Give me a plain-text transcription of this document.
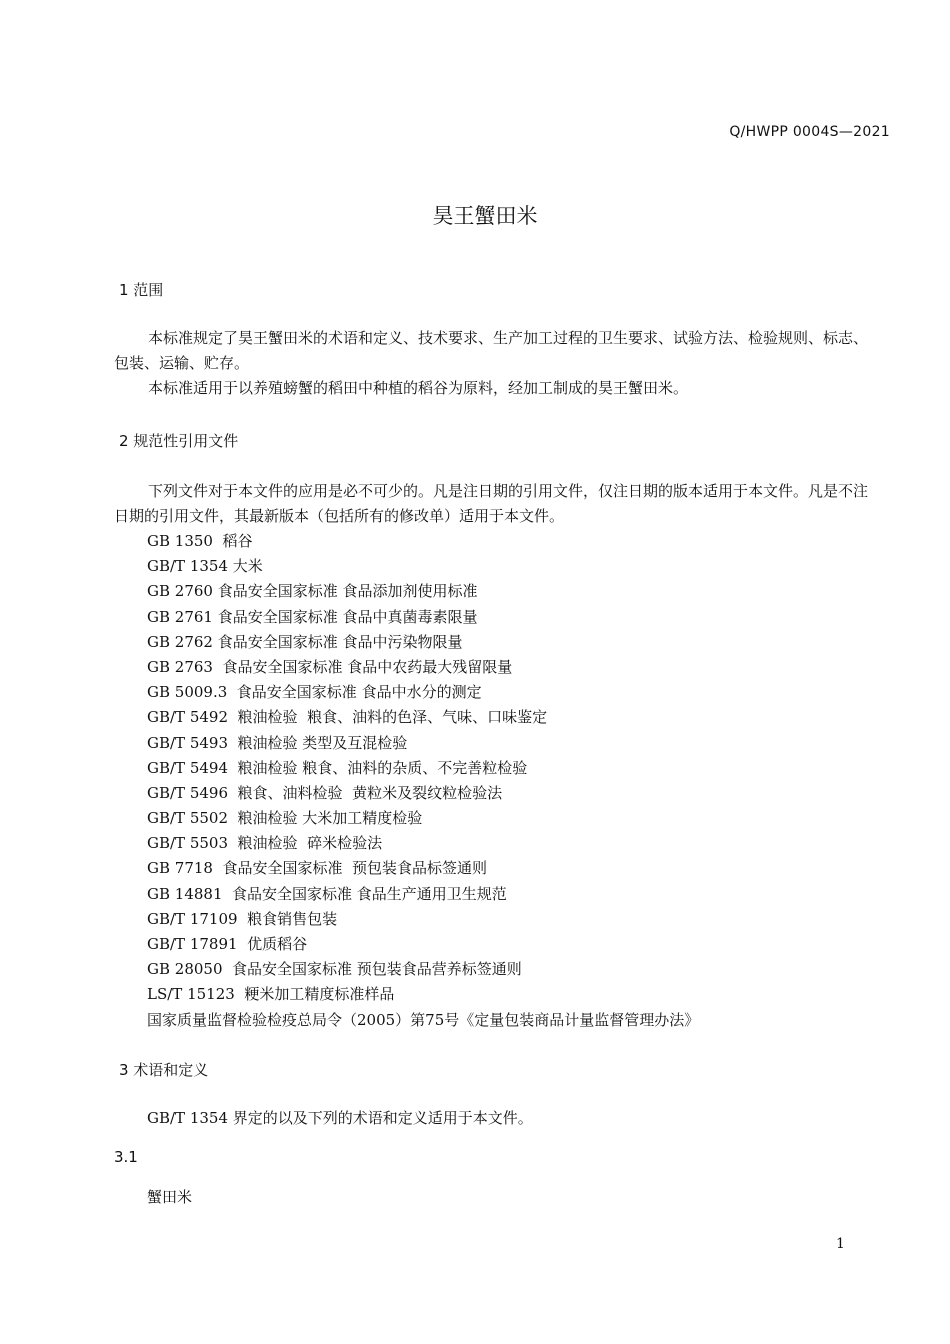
Q/HWPP 0004S—2021
昊王蟹田米
1 范围
本标准规定了昊王蟹田米的术语和定义、技术要求、生产加工过程的卫生要求、试验方法、检验规则、标志、包装、运输、贮存。
本标准适用于以养殖螃蟹的稻田中种植的稻谷为原料，经加工制成的昊王蟹田米。
2 规范性引用文件
下列文件对于本文件的应用是必不可少的。凡是注日期的引用文件，仅注日期的版本适用于本文件。凡是不注日期的引用文件，其最新版本（包括所有的修改单）适用于本文件。
GB 1350  稻谷
GB/T 1354 大米
GB 2760 食品安全国家标准 食品添加剂使用标准
GB 2761 食品安全国家标准 食品中真菌毒素限量
GB 2762 食品安全国家标准 食品中污染物限量
GB 2763  食品安全国家标准 食品中农药最大残留限量
GB 5009.3  食品安全国家标准 食品中水分的测定
GB/T 5492  粮油检验  粮食、油料的色泽、气味、口味鉴定
GB/T 5493  粮油检验 类型及互混检验
GB/T 5494  粮油检验 粮食、油料的杂质、不完善粒检验
GB/T 5496  粮食、油料检验  黄粒米及裂纹粒检验法
GB/T 5502  粮油检验 大米加工精度检验
GB/T 5503  粮油检验  碎米检验法
GB 7718  食品安全国家标准  预包装食品标签通则
GB 14881  食品安全国家标准 食品生产通用卫生规范
GB/T 17109  粮食销售包装
GB/T 17891  优质稻谷
GB 28050  食品安全国家标准 预包装食品营养标签通则
LS/T 15123  粳米加工精度标准样品
国家质量监督检验检疫总局令（2005）第75号《定量包装商品计量监督管理办法》
3 术语和定义
GB/T 1354 界定的以及下列的术语和定义适用于本文件。
3.1
蟹田米
1
